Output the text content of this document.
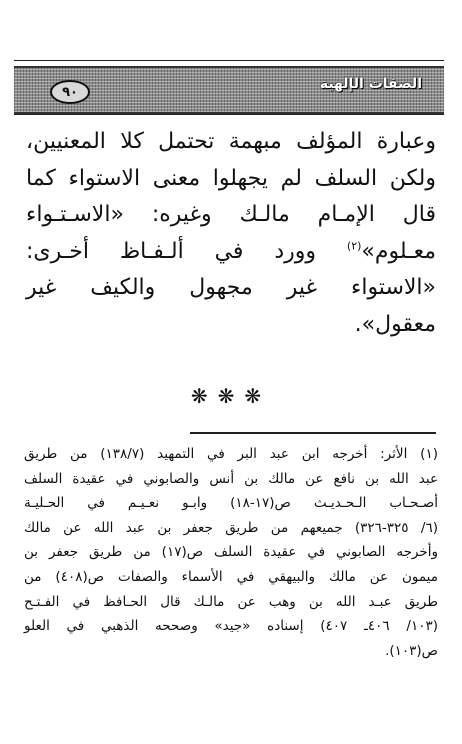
الصفات الإلهية
٩٠
وعبارة المؤلف مبهمة تحتمل كلا المعنيين،
ولكن السلف لم يجهلوا معنى الاستواء كما
قال الإمـام مالـك وغيره: «الاسـتـواء
معـلوم»$^{(٢)}$ وورد في ألـفـاظ أخـرى:
«الاستواء غير مجهول والكيف غير
معقول».
❋❋❋
(١) الأثر: أخرجه ابن عبد البر في التمهيد (١٣٨/٧) من طريق
عبد الله بن نافع عن مالك بن أنس والصابوني في عقيدة السلف
أصـحـاب الـحـديـث ص(١٧-١٨) وابـو نعـيـم في الحـليـة
(٦/ ٣٢٥-٣٢٦) جميعهم من طريق جعفر بن عبد الله عن مالك
وأخرجه الصابوني في عقيدة السلف ص(١٧) من طريق جعفر بن
ميمون عن مالك والبيهقي في الأسماء والصفات ص(٤٠٨) من
طريق عبـد الله بن وهب عن مالـك قال الحـافظ في الفـتـح
(١٠٣/ ٤٠٦ـ ٤٠٧) إسناده «جيد» وصححه الذهبي في العلو
ص(١٠٣).
